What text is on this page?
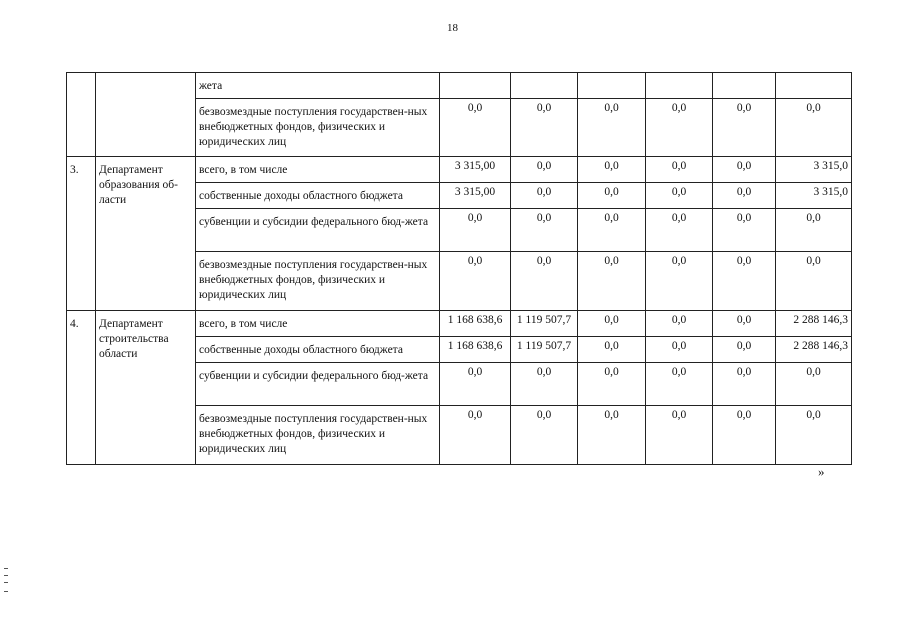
18
		жета						
		безвозмездные поступления государствен-ных внебюджетных фондов, физических и юридических лиц	0,0	0,0	0,0	0,0	0,0	0,0
3.	Департамент образования об-ласти	всего, в том числе	3 315,00	0,0	0,0	0,0	0,0	3 315,0
		собственные доходы областного бюджета	3 315,00	0,0	0,0	0,0	0,0	3 315,0
		субвенции и субсидии федерального бюд-жета	0,0	0,0	0,0	0,0	0,0	0,0
		безвозмездные поступления государствен-ных внебюджетных фондов, физических и юридических лиц	0,0	0,0	0,0	0,0	0,0	0,0
4.	Департамент строительства области	всего, в том числе	1 168 638,6	1 119 507,7	0,0	0,0	0,0	2 288 146,3
		собственные доходы областного бюджета	1 168 638,6	1 119 507,7	0,0	0,0	0,0	2 288 146,3
		субвенции и субсидии федерального бюд-жета	0,0	0,0	0,0	0,0	0,0	0,0
		безвозмездные поступления государствен-ных внебюджетных фондов, физических и юридических лиц	0,0	0,0	0,0	0,0	0,0	0,0
»
